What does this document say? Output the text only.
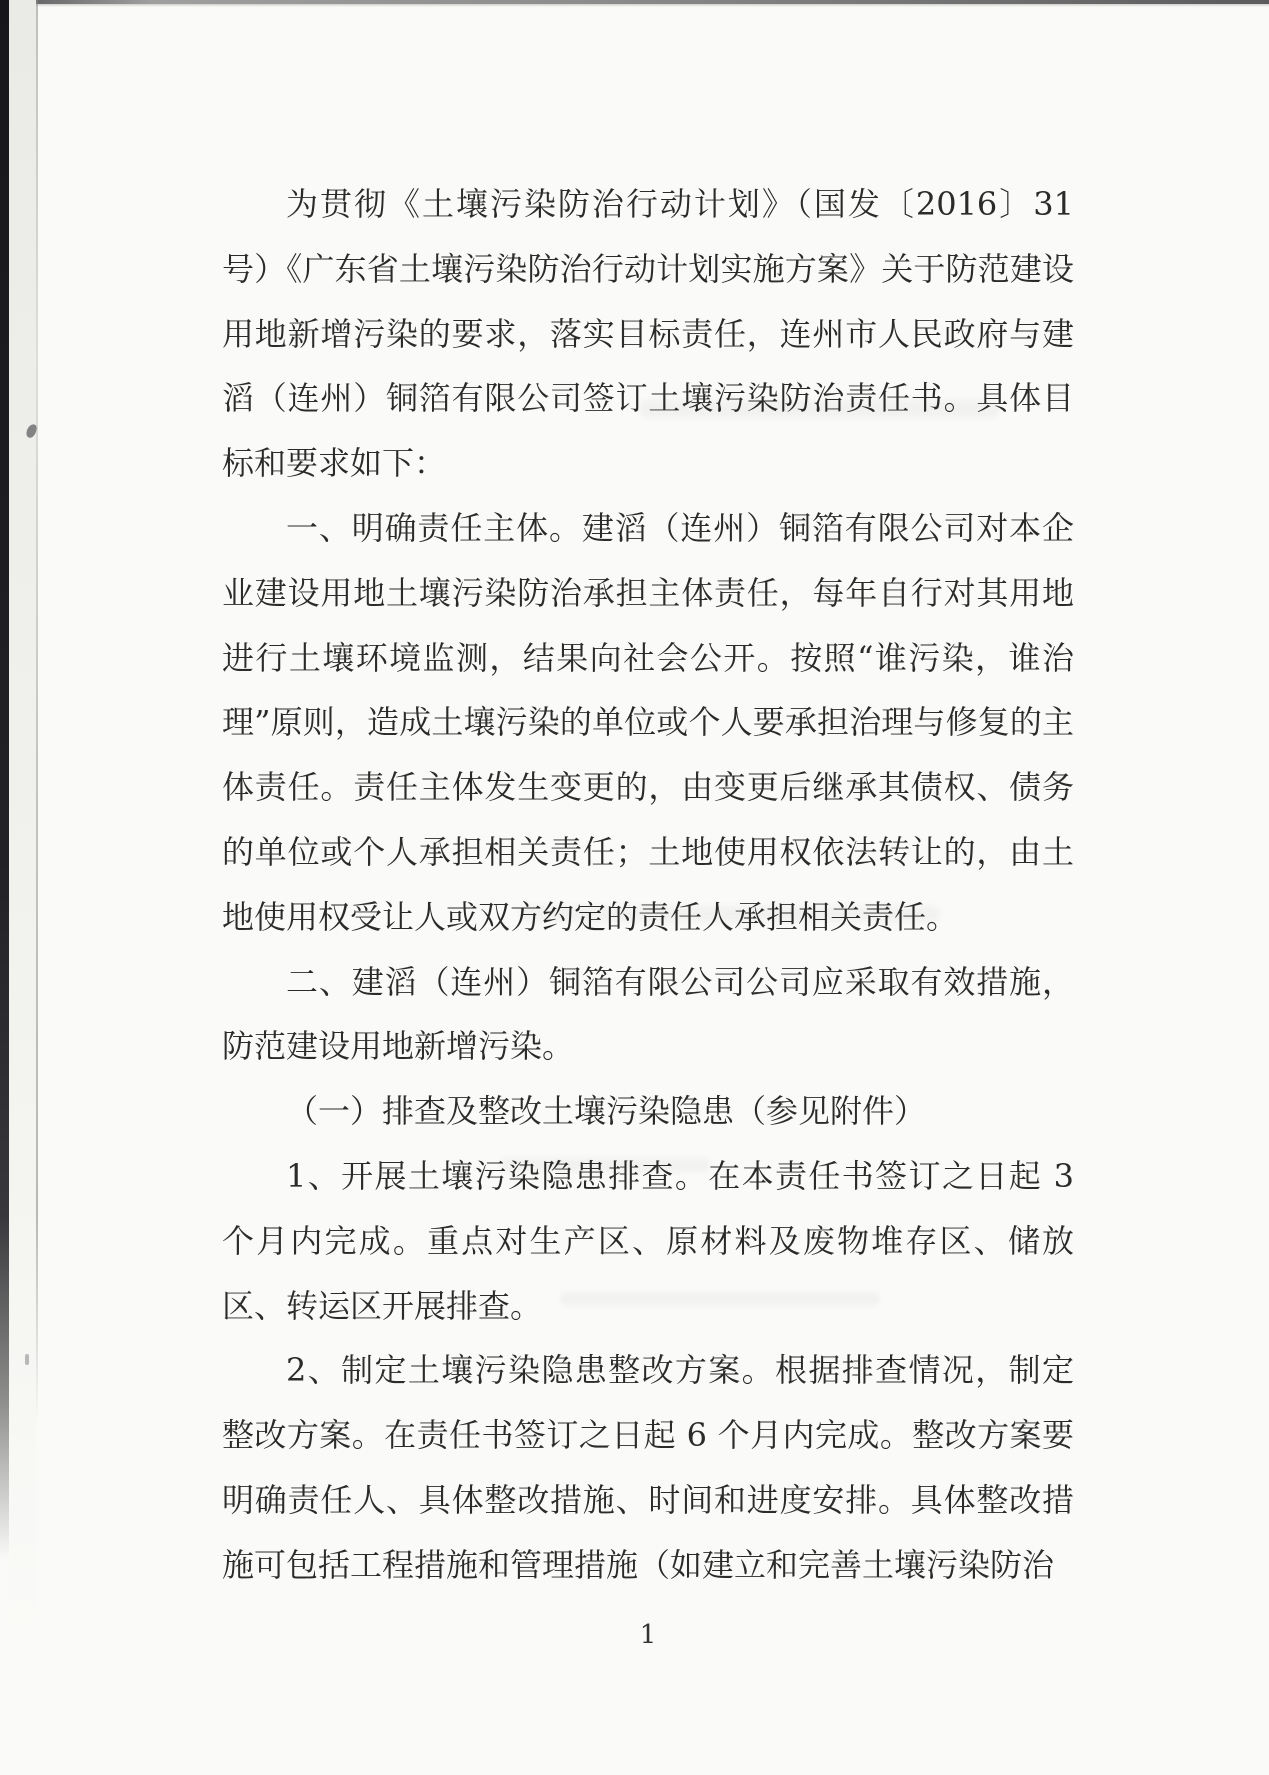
为贯彻《土壤污染防治行动计划》（国发〔2016〕31 号）《广东省土壤污染防治行动计划实施方案》关于防范建设用地新增污染的要求，落实目标责任，连州市人民政府与建滔（连州）铜箔有限公司签订土壤污染防治责任书。具体目标和要求如下：

一、明确责任主体。建滔（连州）铜箔有限公司对本企业建设用地土壤污染防治承担主体责任，每年自行对其用地进行土壤环境监测，结果向社会公开。按照“谁污染，谁治理”原则，造成土壤污染的单位或个人要承担治理与修复的主体责任。责任主体发生变更的，由变更后继承其债权、债务的单位或个人承担相关责任；土地使用权依法转让的，由土地使用权受让人或双方约定的责任人承担相关责任。

二、建滔（连州）铜箔有限公司公司应采取有效措施，防范建设用地新增污染。

（一）排查及整改土壤污染隐患（参见附件）

1、开展土壤污染隐患排查。在本责任书签订之日起 3 个月内完成。重点对生产区、原材料及废物堆存区、储放区、转运区开展排查。

2、制定土壤污染隐患整改方案。根据排查情况，制定整改方案。在责任书签订之日起 6 个月内完成。整改方案要明确责任人、具体整改措施、时间和进度安排。具体整改措施可包括工程措施和管理措施（如建立和完善土壤污染防治

1
